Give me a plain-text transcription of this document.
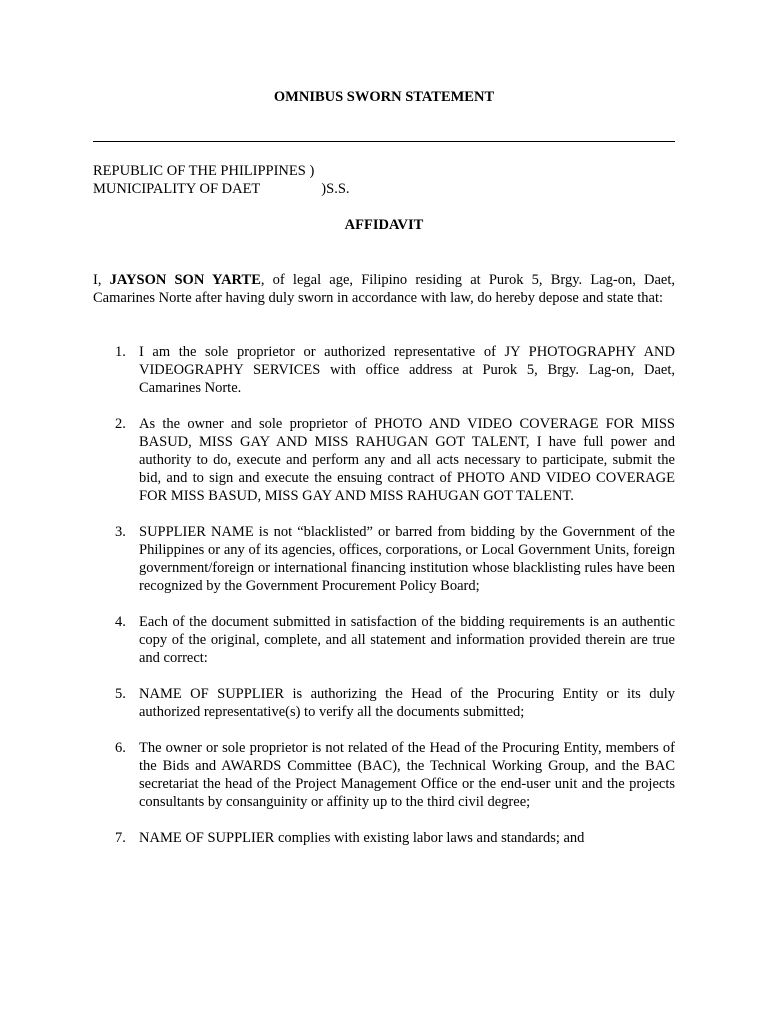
OMNIBUS SWORN STATEMENT
REPUBLIC OF THE PHILIPPINES )
MUNICIPALITY OF DAET	)S.S.
AFFIDAVIT
I, JAYSON SON YARTE, of legal age, Filipino residing at Purok 5, Brgy. Lag-on, Daet, Camarines Norte after having duly sworn in accordance with law, do hereby depose and state that:
1. I am the sole proprietor or authorized representative of JY PHOTOGRAPHY AND VIDEOGRAPHY SERVICES with office address at Purok 5, Brgy. Lag-on, Daet, Camarines Norte.
2. As the owner and sole proprietor of PHOTO AND VIDEO COVERAGE FOR MISS BASUD, MISS GAY AND MISS RAHUGAN GOT TALENT, I have full power and authority to do, execute and perform any and all acts necessary to participate, submit the bid, and to sign and execute the ensuing contract of PHOTO AND VIDEO COVERAGE FOR MISS BASUD, MISS GAY AND MISS RAHUGAN GOT TALENT.
3. SUPPLIER NAME is not “blacklisted” or barred from bidding by the Government of the Philippines or any of its agencies, offices, corporations, or Local Government Units, foreign government/foreign or international financing institution whose blacklisting rules have been recognized by the Government Procurement Policy Board;
4. Each of the document submitted in satisfaction of the bidding requirements is an authentic copy of the original, complete, and all statement and information provided therein are true and correct:
5. NAME OF SUPPLIER is authorizing the Head of the Procuring Entity or its duly authorized representative(s) to verify all the documents submitted;
6. The owner or sole proprietor is not related of the Head of the Procuring Entity, members of the Bids and AWARDS Committee (BAC), the Technical Working Group, and the BAC secretariat the head of the Project Management Office or the end-user unit and the projects consultants by consanguinity or affinity up to the third civil degree;
7. NAME OF SUPPLIER complies with existing labor laws and standards; and
